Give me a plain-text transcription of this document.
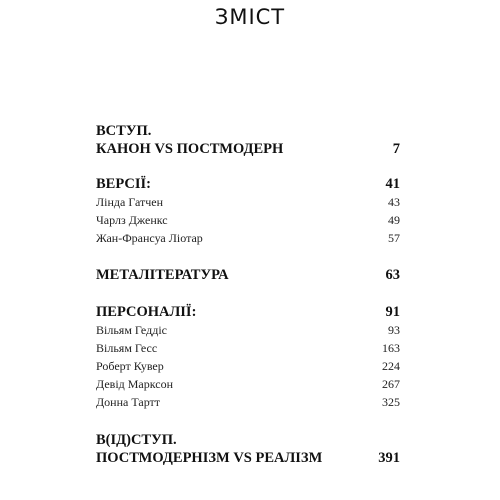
ЗМІСТ
ВСТУП.
КАНОН VS ПОСТМОДЕРН	7
ВЕРСІЇ:	41
Лінда Гатчен	43
Чарлз Дженкс	49
Жан-Франсуа Ліотар	57
МЕТАЛІТЕРАТУРА	63
ПЕРСОНАЛІЇ:	91
Вільям Геддіс	93
Вільям Гесс	163
Роберт Кувер	224
Девід Марксон	267
Донна Тартт	325
В(ІД)СТУП.
ПОСТМОДЕРНІЗМ VS РЕАЛІЗМ	391
